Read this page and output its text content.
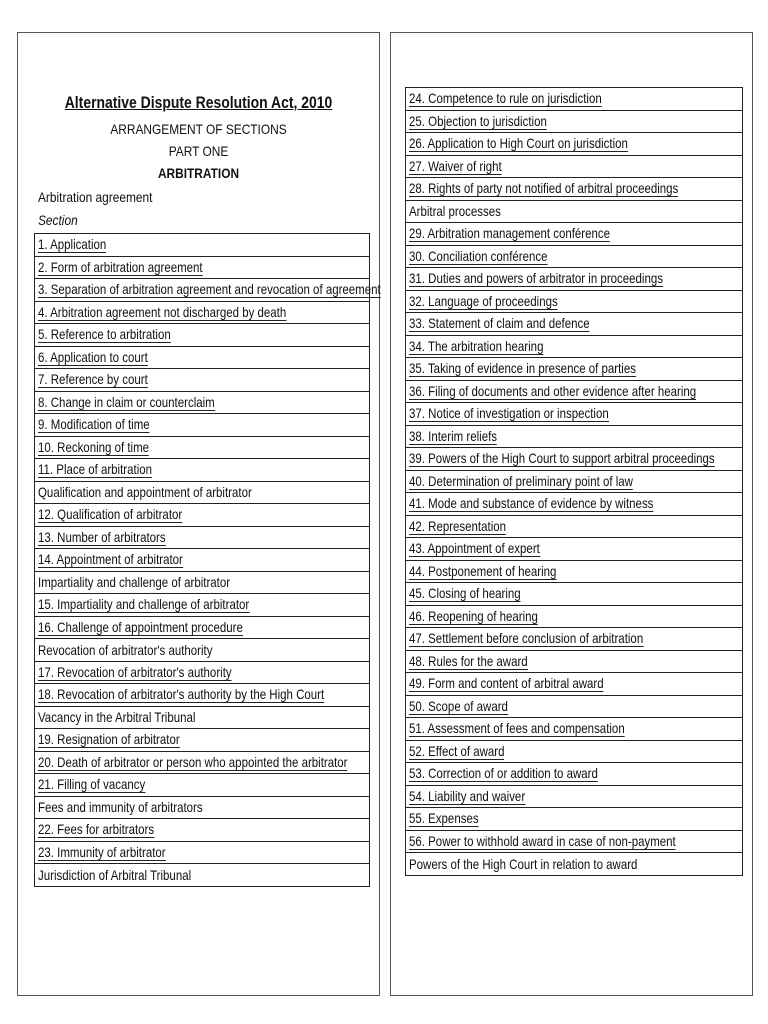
Alternative Dispute Resolution Act, 2010
ARRANGEMENT OF SECTIONS
PART ONE
ARBITRATION
Arbitration agreement
Section
1. Application
2. Form of arbitration agreement
3. Separation of arbitration agreement and revocation of agreement
4. Arbitration agreement not discharged by death
5. Reference to arbitration
6. Application to court
7. Reference by court
8. Change in claim or counterclaim
9. Modification of time
10. Reckoning of time
11. Place of arbitration
Qualification and appointment of arbitrator
12. Qualification of arbitrator
13. Number of arbitrators
14. Appointment of arbitrator
Impartiality and challenge of arbitrator
15. Impartiality and challenge of arbitrator
16. Challenge of appointment procedure
Revocation of arbitrator's authority
17. Revocation of arbitrator's authority
18. Revocation of arbitrator's authority by the High Court
Vacancy in the Arbitral Tribunal
19. Resignation of arbitrator
20. Death of arbitrator or person who appointed the arbitrator
21. Filling of vacancy
Fees and immunity of arbitrators
22. Fees for arbitrators
23. Immunity of arbitrator
Jurisdiction of Arbitral Tribunal
24. Competence to rule on jurisdiction
25. Objection to jurisdiction
26. Application to High Court on jurisdiction
27. Waiver of right
28. Rights of party not notified of arbitral proceedings
Arbitral processes
29. Arbitration management conférence
30. Conciliation conférence
31. Duties and powers of arbitrator in proceedings
32. Language of proceedings
33. Statement of claim and defence
34. The arbitration hearing
35. Taking of evidence in presence of parties
36. Filing of documents and other evidence after hearing
37. Notice of investigation or inspection
38. Interim reliefs
39. Powers of the High Court to support arbitral proceedings
40. Determination of preliminary point of law
41. Mode and substance of evidence by witness
42. Representation
43. Appointment of expert
44. Postponement of hearing
45. Closing of hearing
46. Reopening of hearing
47. Settlement before conclusion of arbitration
48. Rules for the award
49. Form and content of arbitral award
50. Scope of award
51. Assessment of fees and compensation
52. Effect of award
53. Correction of or addition to award
54. Liability and waiver
55. Expenses
56. Power to withhold award in case of non-payment
Powers of the High Court in relation to award
